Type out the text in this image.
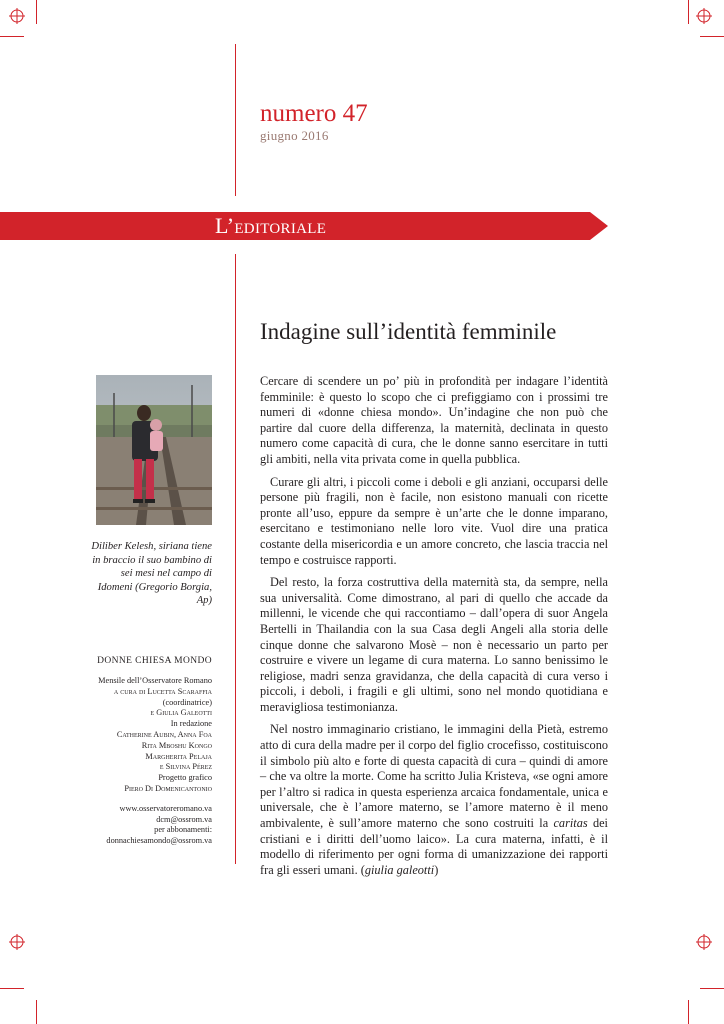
numero 47
giugno 2016
L’editoriale
Indagine sull’identità femminile
Diliber Kelesh, siriana tiene in braccio il suo bambino di sei mesi nel campo di Idomeni (Gregorio Borgia, Ap)
DONNE CHIESA MONDO
Mensile dell’Osservatore Romano
a cura di Lucetta Scaraffia
(coordinatrice)
e Giulia Galeotti
In redazione
Catherine Aubin, Anna Foa
Rita Mboshu Kongo
Margherita Pelaja
e Silvina Pérez
Progetto grafico
Piero Di Domenicantonio
www.osservatoreromano.va
dcm@ossrom.va
per abbonamenti:
donnachiesamondo@ossrom.va

Cercare di scendere un po’ più in profondità per indagare l’identità femminile: è questo lo scopo che ci prefiggiamo con i prossimi tre numeri di «donne chiesa mondo». Un’indagine che non può che partire dal cuore della differenza, la maternità, declinata in questo numero come capacità di cura, che le donne sanno esercitare in tutti gli ambiti, nella vita privata come in quella pubblica.

Curare gli altri, i piccoli come i deboli e gli anziani, occuparsi delle persone più fragili, non è facile, non esistono manuali con ricette pronte all’uso, eppure da sempre è un’arte che le donne imparano, esercitano e testimoniano nelle loro vite. Vuol dire una pratica costante della misericordia e un amore concreto, che lascia traccia nel tempo e costruisce rapporti.

Del resto, la forza costruttiva della maternità sta, da sempre, nella sua universalità. Come dimostrano, al pari di quello che accade da millenni, le vicende che qui raccontiamo – dall’opera di suor Angela Bertelli in Thailandia con la sua Casa degli Angeli alla storia delle cinque donne che salvarono Mosè – non è necessario un parto per costruire e vivere un legame di cura materna. Lo sanno benissimo le religiose, madri senza gravidanza, che della capacità di cura verso i piccoli, i deboli, i fragili e gli ultimi, sono nel mondo quotidiana e meravigliosa testimonianza.

Nel nostro immaginario cristiano, le immagini della Pietà, estremo atto di cura della madre per il corpo del figlio crocefisso, costituiscono il simbolo più alto e forte di questa capacità di cura – quindi di amore – che va oltre la morte. Come ha scritto Julia Kristeva, «se ogni amore per l’altro si radica in questa esperienza arcaica fondamentale, unica e universale, che è l’amore materno, se l’amore materno è il meno ambivalente, è sull’amore materno che sono costruiti la caritas dei cristiani e i diritti dell’uomo laico». La cura materna, infatti, è il modello di riferimento per ogni forma di umanizzazione dei rapporti fra gli esseri umani. (giulia galeotti)
